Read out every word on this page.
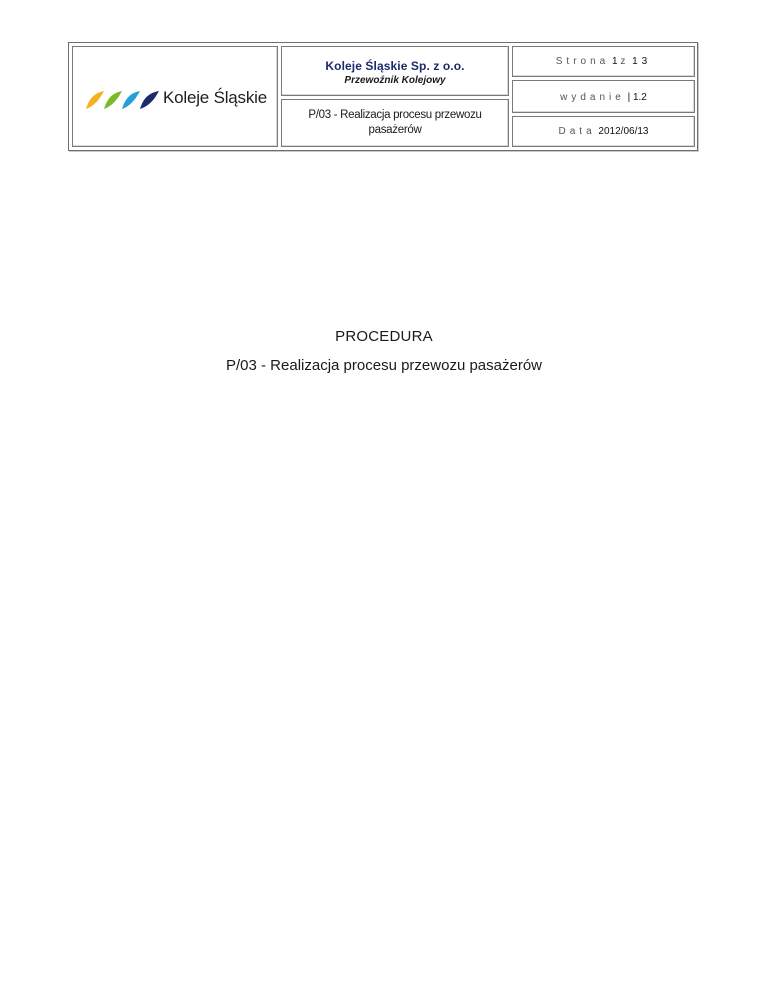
Koleje Śląskie
Koleje Śląskie Sp. z o.o.
Przewoźnik Kolejowy
P/03 - Realizacja procesu przewozu pasażerów
Strona 1 z 13
wydanie | 1.2
Data 2012/06/13
PROCEDURA
P/03 - Realizacja procesu przewozu pasażerów
